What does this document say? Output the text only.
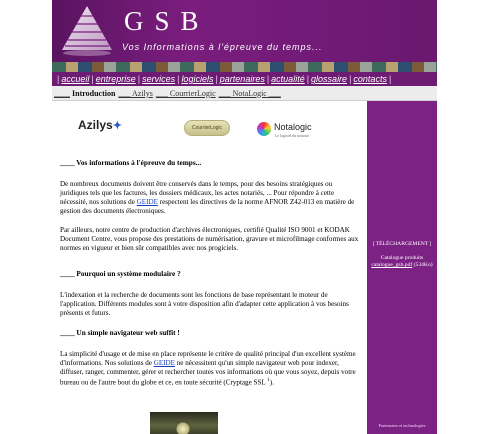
GSB
Vos Informations à l'épreuve du temps...
| accueil | entreprise | services | logiciels | partenaires | actualité | glossaire | contacts |
____ Introduction ___ Azilys ___ CourrierLogic ___ NotaLogic ___
Azilys✦	CourrierLogic	Notalogic
Le logiciel du notariat
____ Vos informations à l'épreuve du temps...
De nombreux documents doivent être conservés dans le temps, pour des besoins stratégiques ou juridiques tels que les factures, les dossiers médicaux, les actes notariés, ... Pour répondre à cette nécessité, nos solutions de GEIDE respectent les directives de la norme AFNOR Z42-013 en matière de gestion des documents électroniques.
Par ailleurs, notre centre de production d'archives électroniques, certifié Qualité ISO 9001 et KODAK Document Centre, vous propose des prestations de numérisation, gravure et microfilmage conformes aux normes en vigueur et bien sûr compatibles avec nos progiciels.
____ Pourquoi un système modulaire ?
L'indexation et la recherche de documents sont les fonctions de base représentant le moteur de l'application. Différents modules sont à votre disposition afin d'adapter cette application à vos besoins présents et futurs.
____ Un simple navigateur web suffit !
La simplicité d'usage et de mise en place représente le critère de qualité principal d'un excellent système d'informations. Nos solutions de GEIDE ne nécessitent qu'un simple navigateur web pour indexer, diffuser, ranger, commenter, gérer et rechercher toutes vos informations où que vous soyez, depuis votre bureau ou de l'autre bout du globe et ce, en toute sécurité (Cryptage SSL $^1$).
[ TÉLÉCHARGEMENT ]
Catalogue produits
catalogue_gsb.pdf (534Ko)
Partenaires et technologies
